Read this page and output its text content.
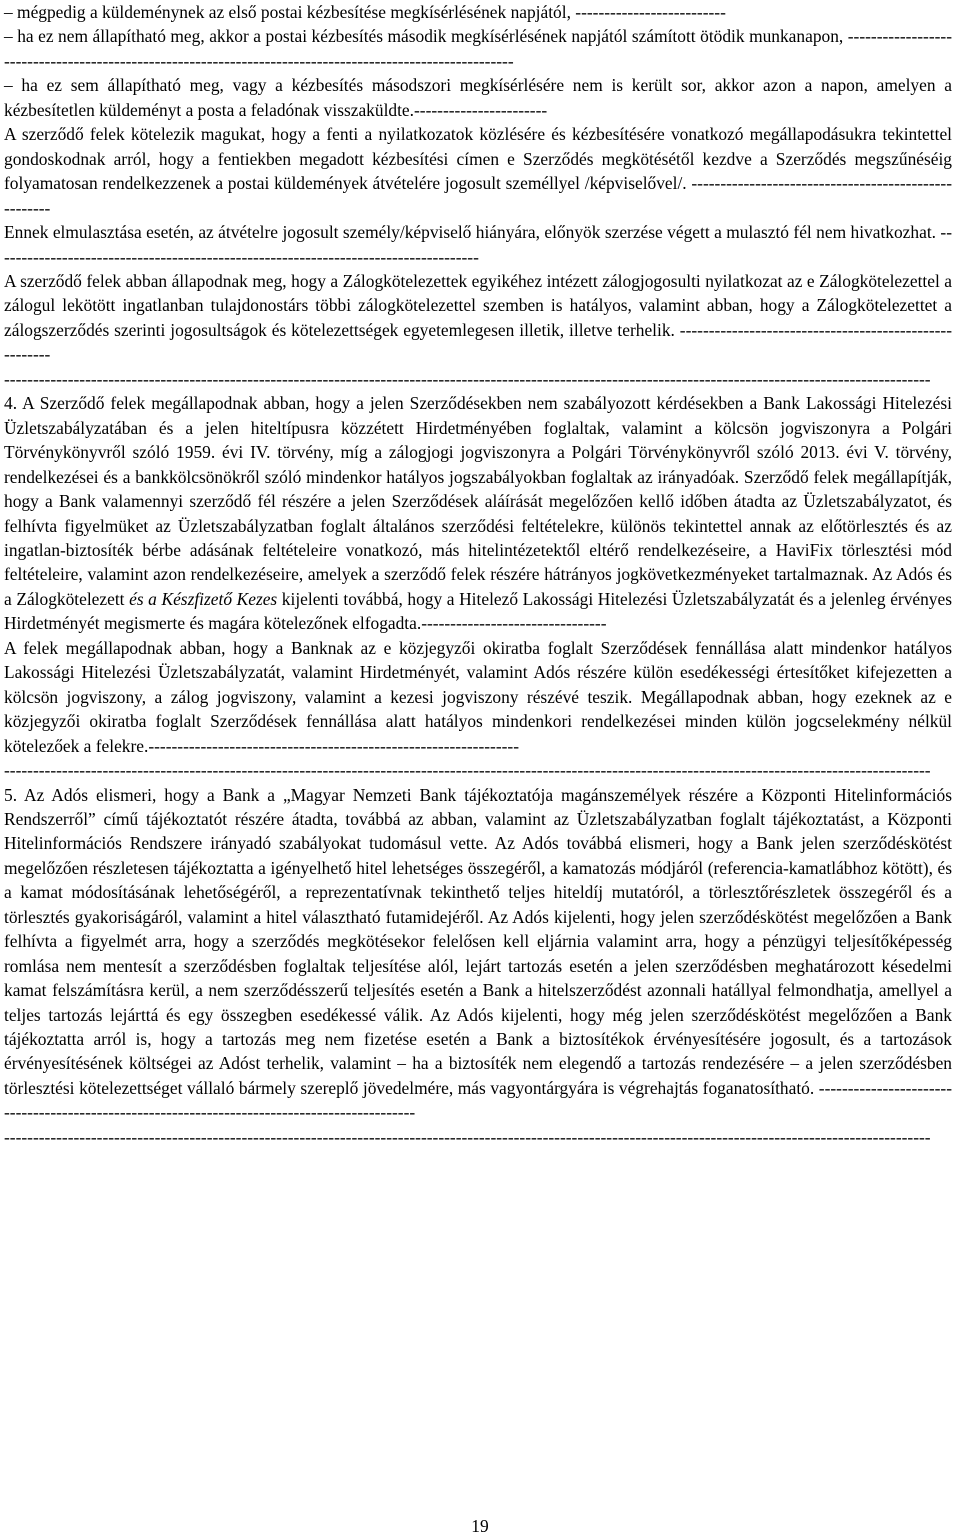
– mégpedig a küldeménynek az első postai kézbesítése megkísérlésének napjától, --------------------------

– ha ez nem állapítható meg, akkor a postai kézbesítés második megkísérlésének napjától számított ötödik munkanapon, ----------------------------------------------------------------------------------------------------------

– ha ez sem állapítható meg, vagy a kézbesítés másodszori megkísérlésére nem is került sor, akkor azon a napon, amelyen a kézbesítetlen küldeményt a posta a feladónak visszaküldte.-----------------------

A szerződő felek kötelezik magukat, hogy a fenti a nyilatkozatok közlésére és kézbesítésére vonatkozó megállapodásukra tekintettel gondoskodnak arról, hogy a fentiekben megadott kézbesítési címen e Szerződés megkötésétől kezdve a Szerződés megszűnéséig folyamatosan rendelkezzenek a postai küldemények átvételére jogosult személlyel /képviselővel/. -----------------------------------------------------

Ennek elmulasztása esetén, az átvételre jogosult személy/képviselő hiányára, előnyök szerzése végett a mulasztó fél nem hivatkozhat. ------------------------------------------------------------------------------------

A szerződő felek abban állapodnak meg, hogy a Zálogkötelezettek egyikéhez intézett zálogjogosulti nyilatkozat az e Zálogkötelezettel a zálogul lekötött ingatlanban tulajdonostárs többi zálogkötelezettel szemben is hatályos, valamint abban, hogy a Zálogkötelezettet a zálogszerződés szerinti jogosultságok és kötelezettségek egyetemlegesen illetik, illetve terhelik. -------------------------------------------------------

----------------------------------------------------------------------------------------------------------------------------------------------------------------

4. A Szerződő felek megállapodnak abban, hogy a jelen Szerződésekben nem szabályozott kérdésekben a Bank Lakossági Hitelezési Üzletszabályzatában és a jelen hiteltípusra közzétett Hirdetményében foglaltak, valamint a kölcsön jogviszonyra a Polgári Törvénykönyvről szóló 1959. évi IV. törvény, míg a zálogjogi jogviszonyra a Polgári Törvénykönyvről szóló 2013. évi V. törvény, rendelkezései és a bankkölcsönökről szóló mindenkor hatályos jogszabályokban foglaltak az irányadóak. Szerződő felek megállapítják, hogy a Bank valamennyi szerződő fél részére a jelen Szerződések aláírását megelőzően kellő időben átadta az Üzletszabályzatot, és felhívta figyelmüket az Üzletszabályzatban foglalt általános szerződési feltételekre, különös tekintettel annak az előtörlesztés és az ingatlan-biztosíték bérbe adásának feltételeire vonatkozó, más hitelintézetektől eltérő rendelkezéseire, a HaviFix törlesztési mód feltételeire, valamint azon rendelkezéseire, amelyek a szerződő felek részére hátrányos jogkövetkezményeket tartalmaznak. Az Adós és a Zálogkötelezett és a Készfizető Kezes kijelenti továbbá, hogy a Hitelező Lakossági Hitelezési Üzletszabályzatát és a jelenleg érvényes Hirdetményét megismerte és magára kötelezőnek elfogadta.--------------------------------

A felek megállapodnak abban, hogy a Banknak az e közjegyzői okiratba foglalt Szerződések fennállása alatt mindenkor hatályos Lakossági Hitelezési Üzletszabályzatát, valamint Hirdetményét, valamint Adós részére külön esedékességi értesítőket kifejezetten a kölcsön jogviszony, a zálog jogviszony, valamint a kezesi jogviszony részévé teszik. Megállapodnak abban, hogy ezeknek az e közjegyzői okiratba foglalt Szerződések fennállása alatt hatályos mindenkori rendelkezései minden külön jogcselekmény nélkül kötelezőek a felekre.----------------------------------------------------------------

----------------------------------------------------------------------------------------------------------------------------------------------------------------

5. Az Adós elismeri, hogy a Bank a „Magyar Nemzeti Bank tájékoztatója magánszemélyek részére a Központi Hitelinformációs Rendszerről” című tájékoztatót részére átadta, továbbá az abban, valamint az Üzletszabályzatban foglalt tájékoztatást, a Központi Hitelinformációs Rendszere irányadó szabályokat tudomásul vette. Az Adós továbbá elismeri, hogy a Bank jelen szerződéskötést megelőzően részletesen tájékoztatta a igényelhető hitel lehetséges összegéről, a kamatozás módjáról (referencia-kamatlábhoz kötött), és a kamat módosításának lehetőségéről, a reprezentatívnak tekinthető teljes hiteldíj mutatóról, a törlesztőrészletek összegéről és a törlesztés gyakoriságáról, valamint a hitel választható futamidejéről. Az Adós kijelenti, hogy jelen szerződéskötést megelőzően a Bank felhívta a figyelmét arra, hogy a szerződés megkötésekor felelősen kell eljárnia valamint arra, hogy a pénzügyi teljesítőképesség romlása nem mentesít a szerződésben foglaltak teljesítése alól, lejárt tartozás esetén a jelen szerződésben meghatározott késedelmi kamat felszámításra kerül, a nem szerződésszerű teljesítés esetén a Bank a hitelszerződést azonnali hatállyal felmondhatja, amellyel a teljes tartozás lejárttá és egy összegben esedékessé válik. Az Adós kijelenti, hogy még jelen szerződéskötést megelőzően a Bank tájékoztatta arról is, hogy a tartozás meg nem fizetése esetén a Bank a biztosítékok érvényesítésére jogosult, és a tartozások érvényesítésének költségei az Adóst terhelik, valamint – ha a biztosíték nem elegendő a tartozás rendezésére – a jelen szerződésben törlesztési kötelezettséget vállaló bármely szereplő jövedelmére, más vagyontárgyára is végrehajtás foganatosítható. ----------------------------------------------------------------------------------------------

----------------------------------------------------------------------------------------------------------------------------------------------------------------

19
